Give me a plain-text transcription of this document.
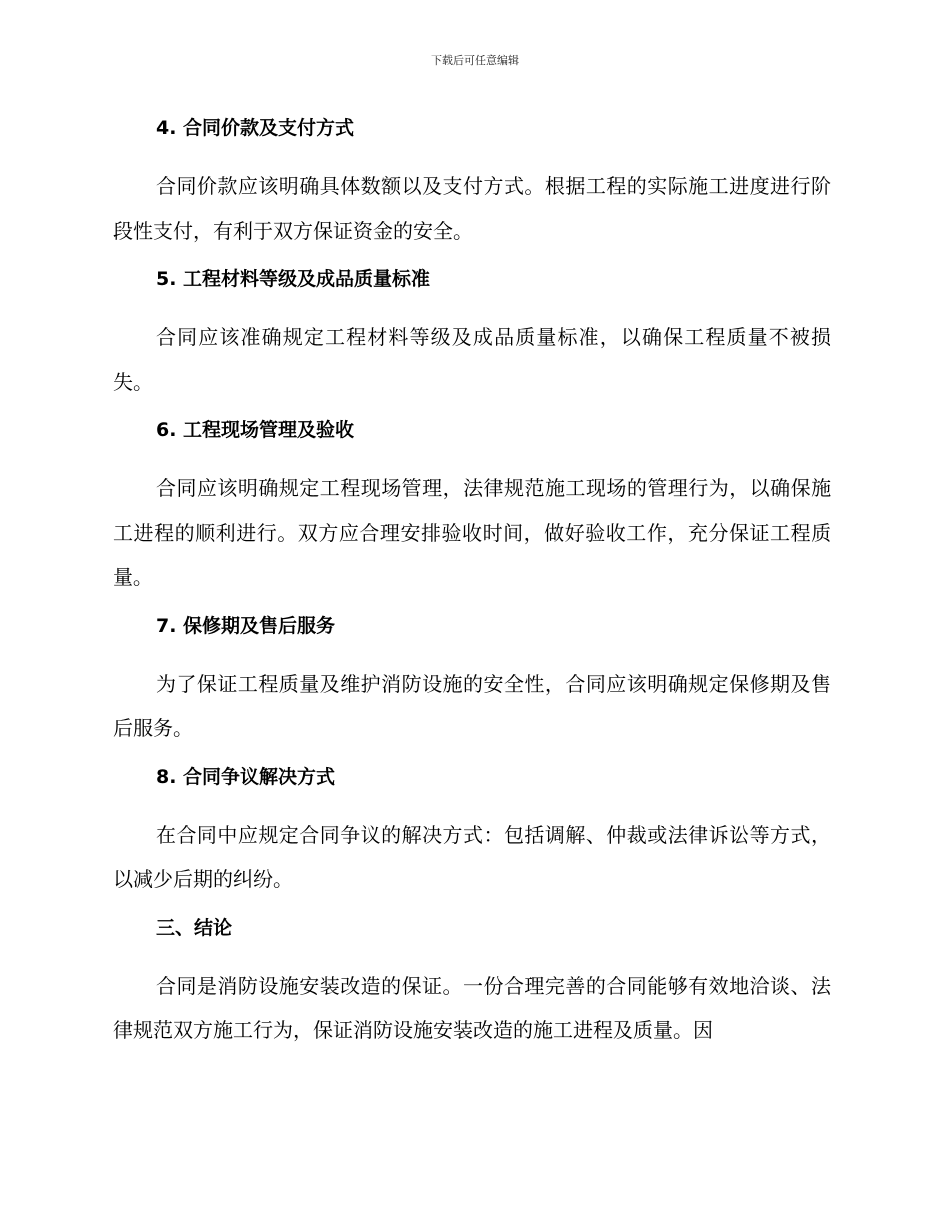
下载后可任意编辑
4. 合同价款及支付方式

合同价款应该明确具体数额以及支付方式。根据工程的实际施工进度进行阶段性支付，有利于双方保证资金的安全。

5. 工程材料等级及成品质量标准

合同应该准确规定工程材料等级及成品质量标准，以确保工程质量不被损失。

6. 工程现场管理及验收

合同应该明确规定工程现场管理，法律规范施工现场的管理行为，以确保施工进程的顺利进行。双方应合理安排验收时间，做好验收工作，充分保证工程质量。

7. 保修期及售后服务

为了保证工程质量及维护消防设施的安全性，合同应该明确规定保修期及售后服务。

8. 合同争议解决方式

在合同中应规定合同争议的解决方式：包括调解、仲裁或法律诉讼等方式，以减少后期的纠纷。

三、结论

合同是消防设施安装改造的保证。一份合理完善的合同能够有效地洽谈、法律规范双方施工行为，保证消防设施安装改造的施工进程及质量。因
